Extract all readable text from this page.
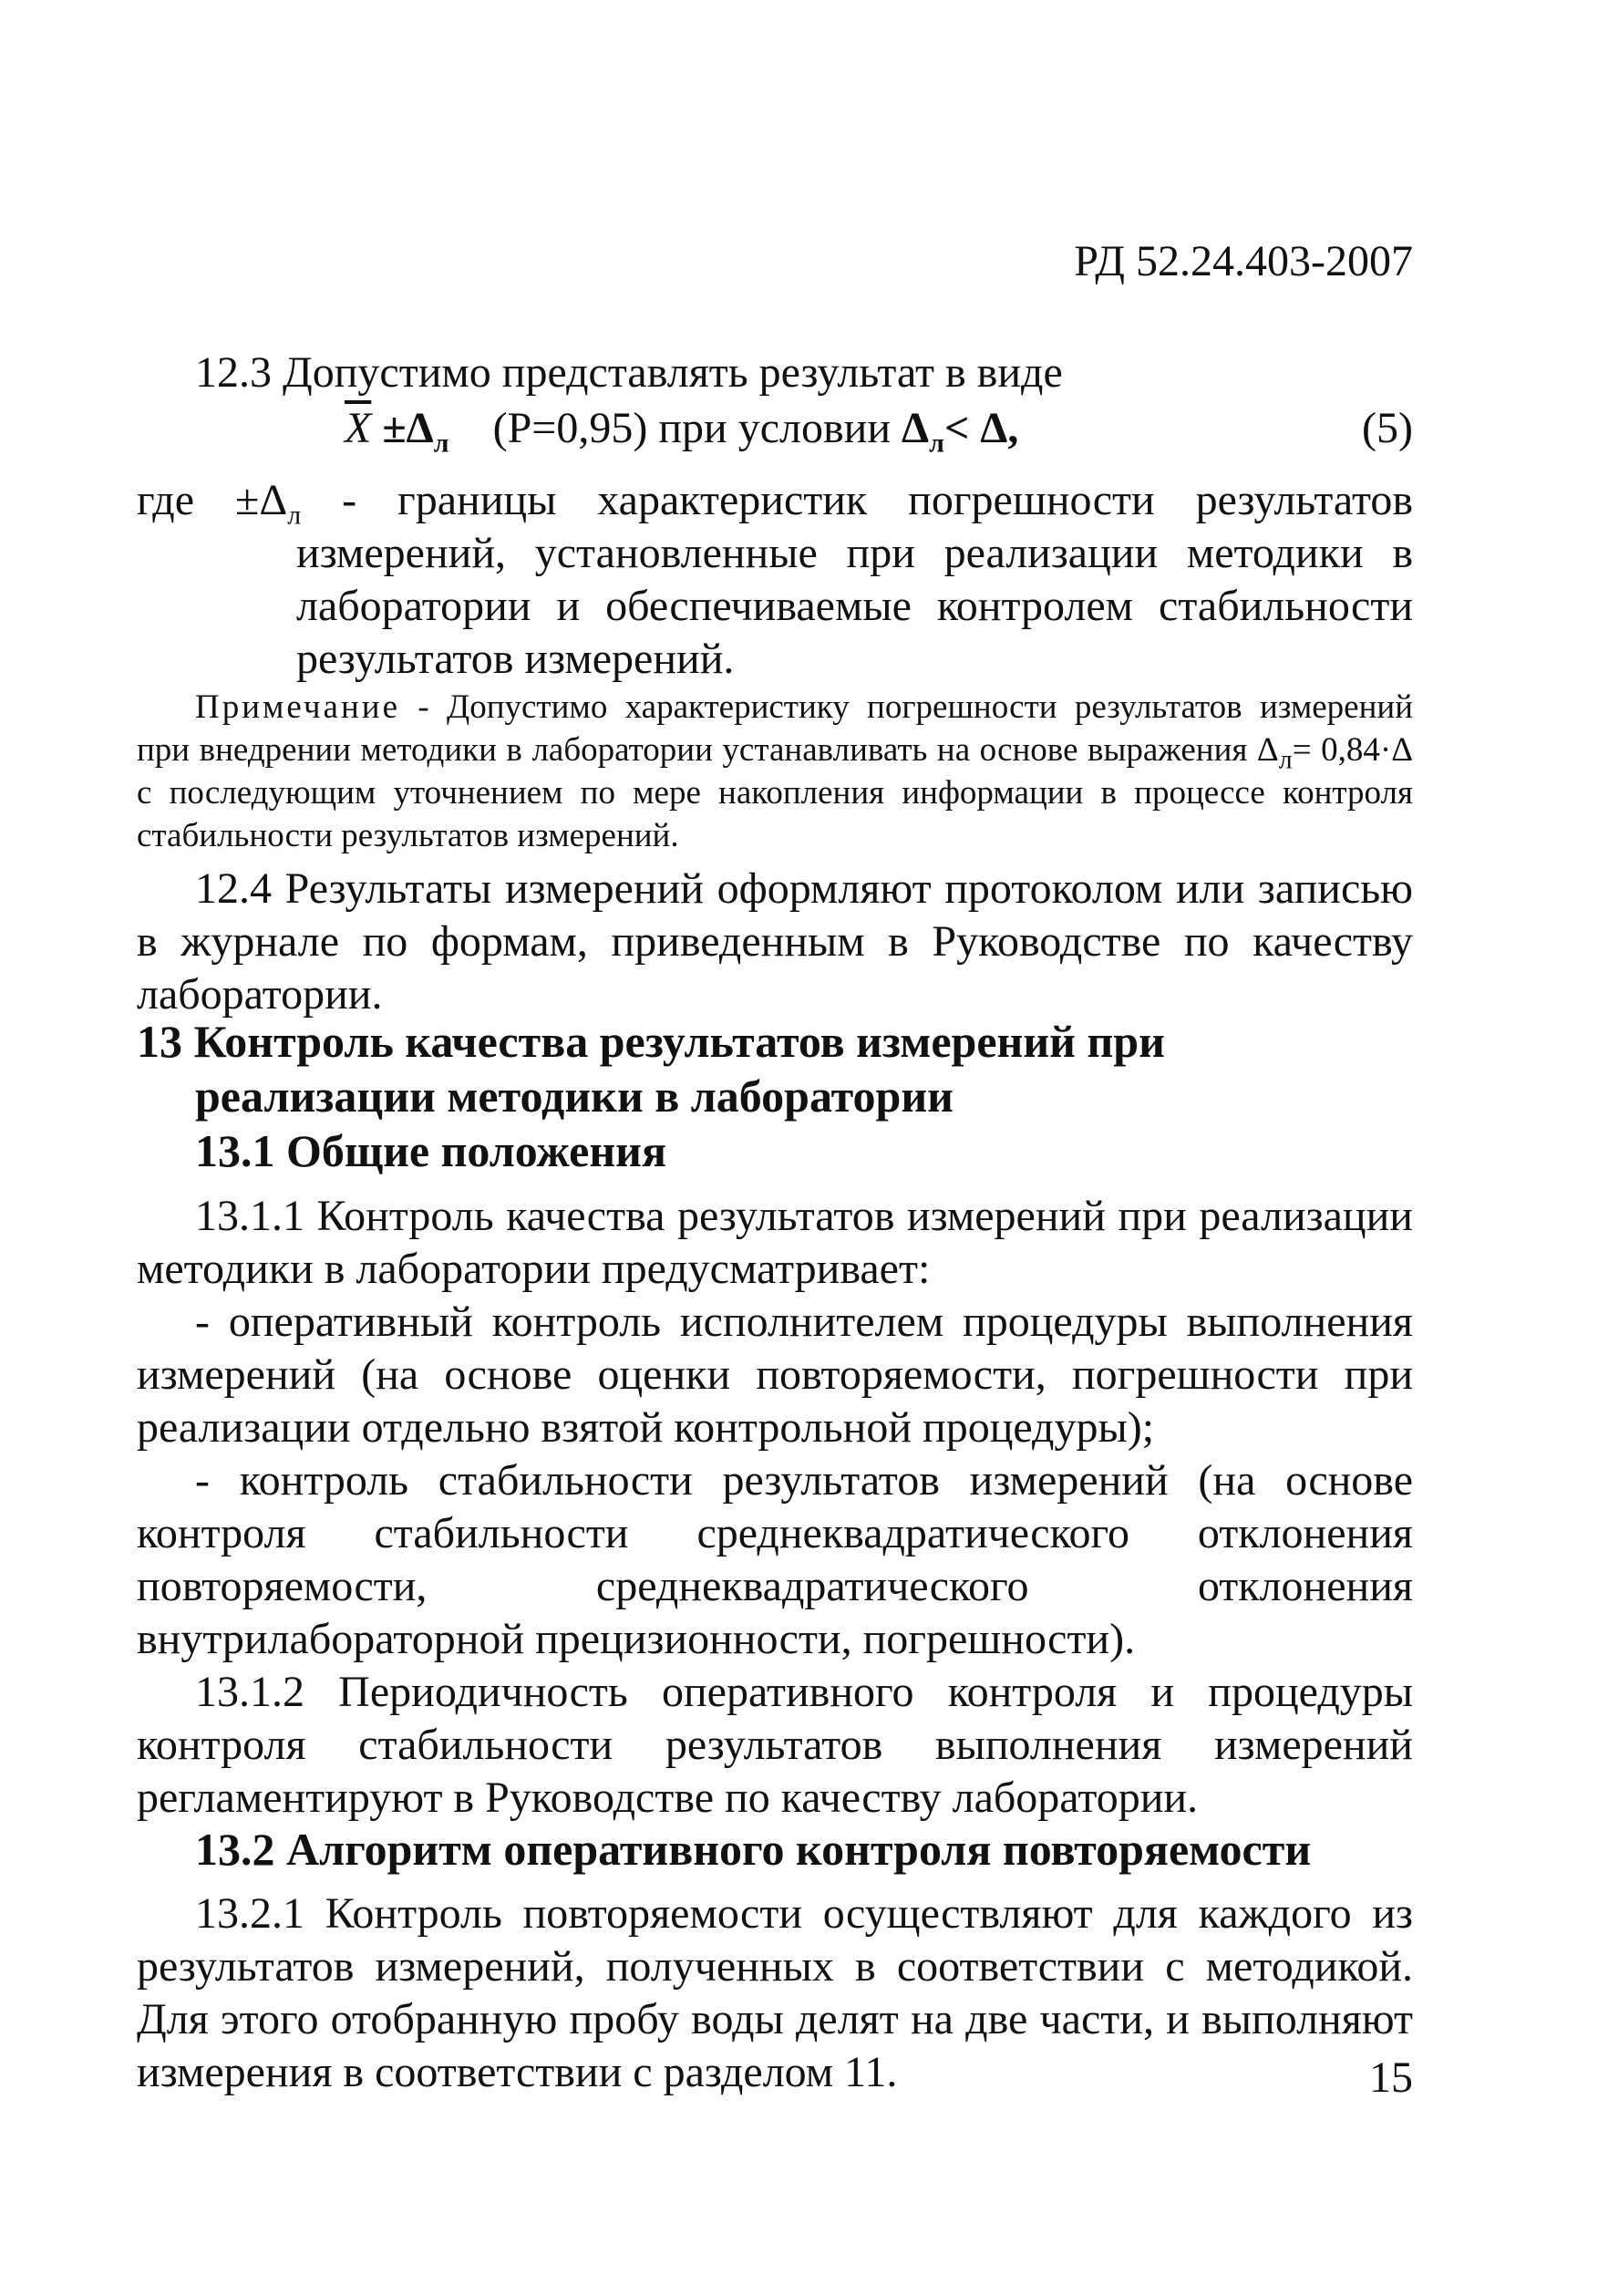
РД 52.24.403-2007

12.3 Допустимо представлять результат в виде

$\overline{X} \pm\Delta_л$    (P=0,95) при условии $\Delta_л< \Delta$,	(5)

где $\pm\Delta_л$ - границы характеристик погрешности результатов измерений, установленные при реализации методики в лаборатории и обеспечиваемые контролем стабильности результатов измерений.

Примечание - Допустимо характеристику погрешности результатов измерений при внедрении методики в лаборатории устанавливать на основе выражения $\Delta_л= 0,84\cdot\Delta$ с последующим уточнением по мере накопления информации в процессе контроля стабильности результатов измерений.

12.4 Результаты измерений оформляют протоколом или записью в журнале по формам, приведенным в Руководстве по качеству лаборатории.

13 Контроль качества результатов измерений при реализации методики в лаборатории

13.1 Общие положения

13.1.1 Контроль качества результатов измерений при реализации методики в лаборатории предусматривает:

- оперативный контроль исполнителем процедуры выполнения измерений (на основе оценки повторяемости, погрешности при реализации отдельно взятой контрольной процедуры);

- контроль стабильности результатов измерений (на основе контроля стабильности среднеквадратического отклонения повторяемости, среднеквадратического отклонения внутрилабораторной прецизионности, погрешности).

13.1.2 Периодичность оперативного контроля и процедуры контроля стабильности результатов выполнения измерений регламентируют в Руководстве по качеству лаборатории.

13.2 Алгоритм оперативного контроля повторяемости

13.2.1 Контроль повторяемости осуществляют для каждого из результатов измерений, полученных в соответствии с методикой. Для этого отобранную пробу воды делят на две части, и выполняют измерения в соответствии с разделом 11.	15
